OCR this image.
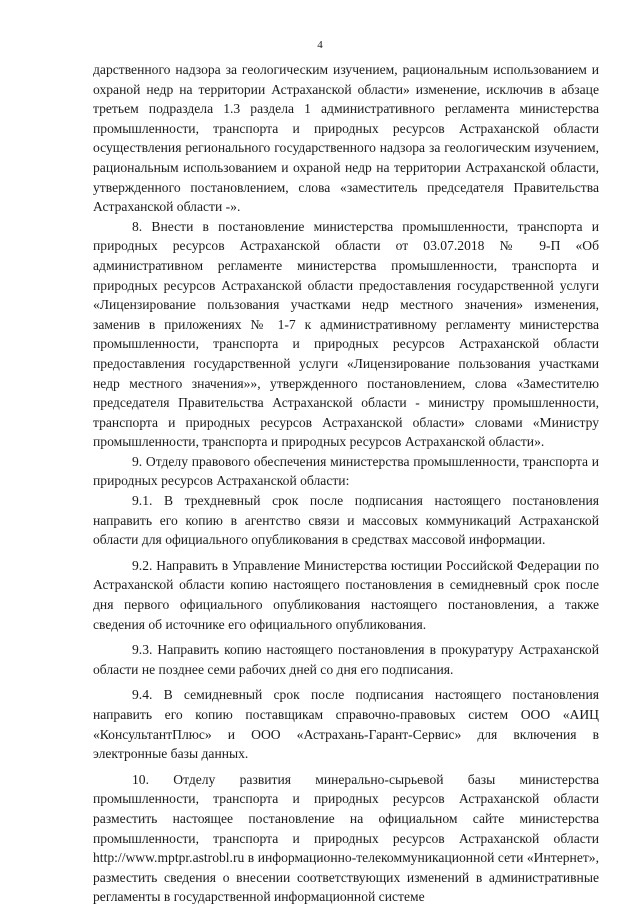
4

дарственного надзора за геологическим изучением, рациональным использованием и охраной недр на территории Астраханской области» изменение, исключив в абзаце третьем подраздела 1.3 раздела 1 административного регламента министерства промышленности, транспорта и природных ресурсов Астраханской области осуществления регионального государственного надзора за геологическим изучением, рациональным использованием и охраной недр на территории Астраханской области, утвержденного постановлением, слова «заместитель председателя Правительства Астраханской области -».

8. Внести в постановление министерства промышленности, транспорта и природных ресурсов Астраханской области от 03.07.2018 № 9-П «Об административном регламенте министерства промышленности, транспорта и природных ресурсов Астраханской области предоставления государственной услуги «Лицензирование пользования участками недр местного значения» изменения, заменив в приложениях № 1-7 к административному регламенту министерства промышленности, транспорта и природных ресурсов Астраханской области предоставления государственной услуги «Лицензирование пользования участками недр местного значения»», утвержденного постановлением, слова «Заместителю председателя Правительства Астраханской области - министру промышленности, транспорта и природных ресурсов Астраханской области» словами «Министру промышленности, транспорта и природных ресурсов Астраханской области».

9. Отделу правового обеспечения министерства промышленности, транспорта и природных ресурсов Астраханской области:

9.1. В трехдневный срок после подписания настоящего постановления направить его копию в агентство связи и массовых коммуникаций Астраханской области для официального опубликования в средствах массовой информации.

9.2. Направить в Управление Министерства юстиции Российской Федерации по Астраханской области копию настоящего постановления в семидневный срок после дня первого официального опубликования настоящего постановления, а также сведения об источнике его официального опубликования.

9.3. Направить копию настоящего постановления в прокуратуру Астраханской области не позднее семи рабочих дней со дня его подписания.

9.4. В семидневный срок после подписания настоящего постановления направить его копию поставщикам справочно-правовых систем ООО «АИЦ «КонсультантПлюс» и ООО «Астрахань-Гарант-Сервис» для включения в электронные базы данных.

10. Отделу развития минерально-сырьевой базы министерства промышленности, транспорта и природных ресурсов Астраханской области разместить настоящее постановление на официальном сайте министерства промышленности, транспорта и природных ресурсов Астраханской области http://www.mptpr.astrobl.ru в информационно-телекоммуникационной сети «Интернет», разместить сведения о внесении соответствующих изменений в административные регламенты в государственной информационной системе
